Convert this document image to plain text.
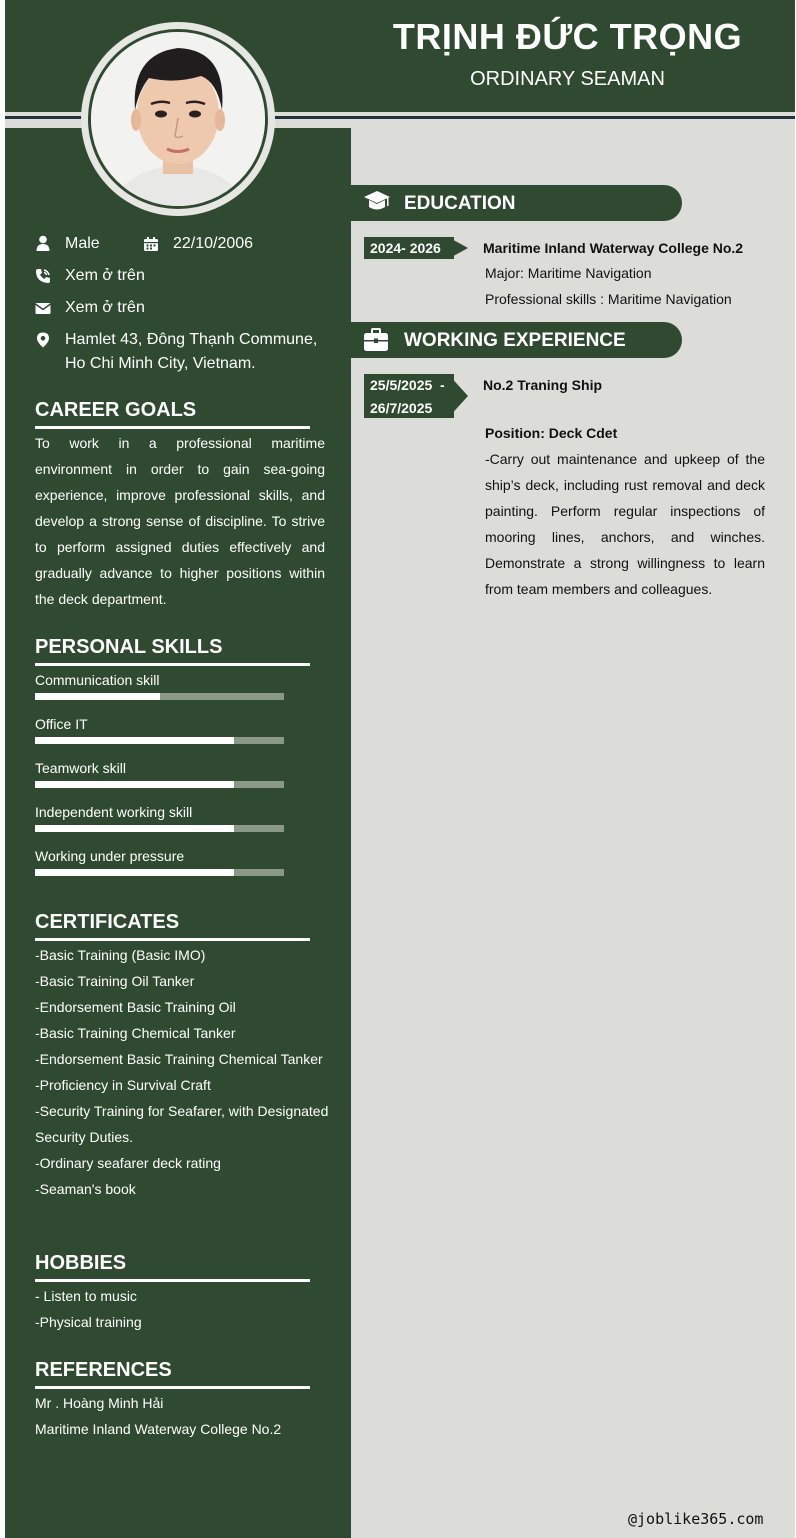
TRỊNH ĐỨC TRỌNG
ORDINARY SEAMAN
Male	22/10/2006
Xem ở trên
Xem ở trên
Hamlet 43, Đông Thạnh Commune,
Ho Chi Minh City, Vietnam.
CAREER GOALS
To work in a professional maritime environment in order to gain sea-going experience, improve professional skills, and develop a strong sense of discipline. To strive to perform assigned duties effectively and gradually advance to higher positions within the deck department.
PERSONAL SKILLS
Communication skill
Office IT
Teamwork skill
Independent working skill
Working under pressure
CERTIFICATES
-Basic Training (Basic IMO)
-Basic Training Oil Tanker
-Endorsement Basic Training Oil
-Basic Training Chemical Tanker
-Endorsement Basic Training Chemical Tanker
-Proficiency in Survival Craft
-Security Training for Seafarer, with Designated Security Duties.
-Ordinary seafarer deck rating
-Seaman's book
HOBBIES
- Listen to music
-Physical training
REFERENCES
Mr . Hoàng Minh Hải
Maritime Inland Waterway College No.2
EDUCATION
2024- 2026	Maritime Inland Waterway College No.2
Major: Maritime Navigation
Professional skills : Maritime Navigation
WORKING EXPERIENCE
25/5/2025  -
26/7/2025
No.2 Traning Ship
Position: Deck Cdet
-Carry out maintenance and upkeep of the ship’s deck, including rust removal and deck painting. Perform regular inspections of mooring lines, anchors, and winches. Demonstrate a strong willingness to learn from team members and colleagues.
@joblike365.com
